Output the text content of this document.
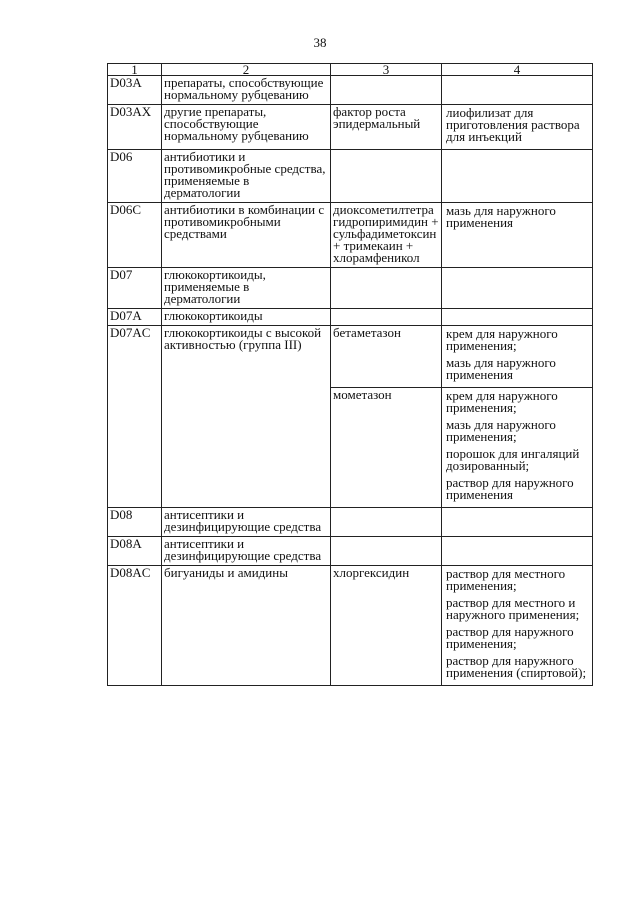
38
1	2	3	4
D03A	препараты, способствующие нормальному рубцеванию		
D03AX	другие препараты, способствующие нормальному рубцеванию	фактор роста эпидермальный	лиофилизат для приготовления раствора для инъекций

D06	антибиотики и противомикробные средства, применяемые в дерматологии		
D06C	антибиотики в комбинации с противомикробными средствами	диоксометилтетрагидропиримидин + сульфадиметоксин + тримекаин + хлорамфеникол	мазь для наружного применения

D07	глюкокортикоиды, применяемые в дерматологии		
D07A	глюкокортикоиды		
D07AC	глюкокортикоиды с высокой активностью (группа III)	бетаметазон	крем для наружного применения;
мазь для наружного применения

		мометазон	крем для наружного применения;
мазь для наружного применения;
порошок для ингаляций дозированный;
раствор для наружного применения

D08	антисептики и дезинфицирующие средства		
D08A	антисептики и дезинфицирующие средства		
D08AC	бигуаниды и амидины	хлоргексидин	раствор для местного применения;
раствор для местного и наружного применения;
раствор для наружного применения;
раствор для наружного применения (спиртовой);
